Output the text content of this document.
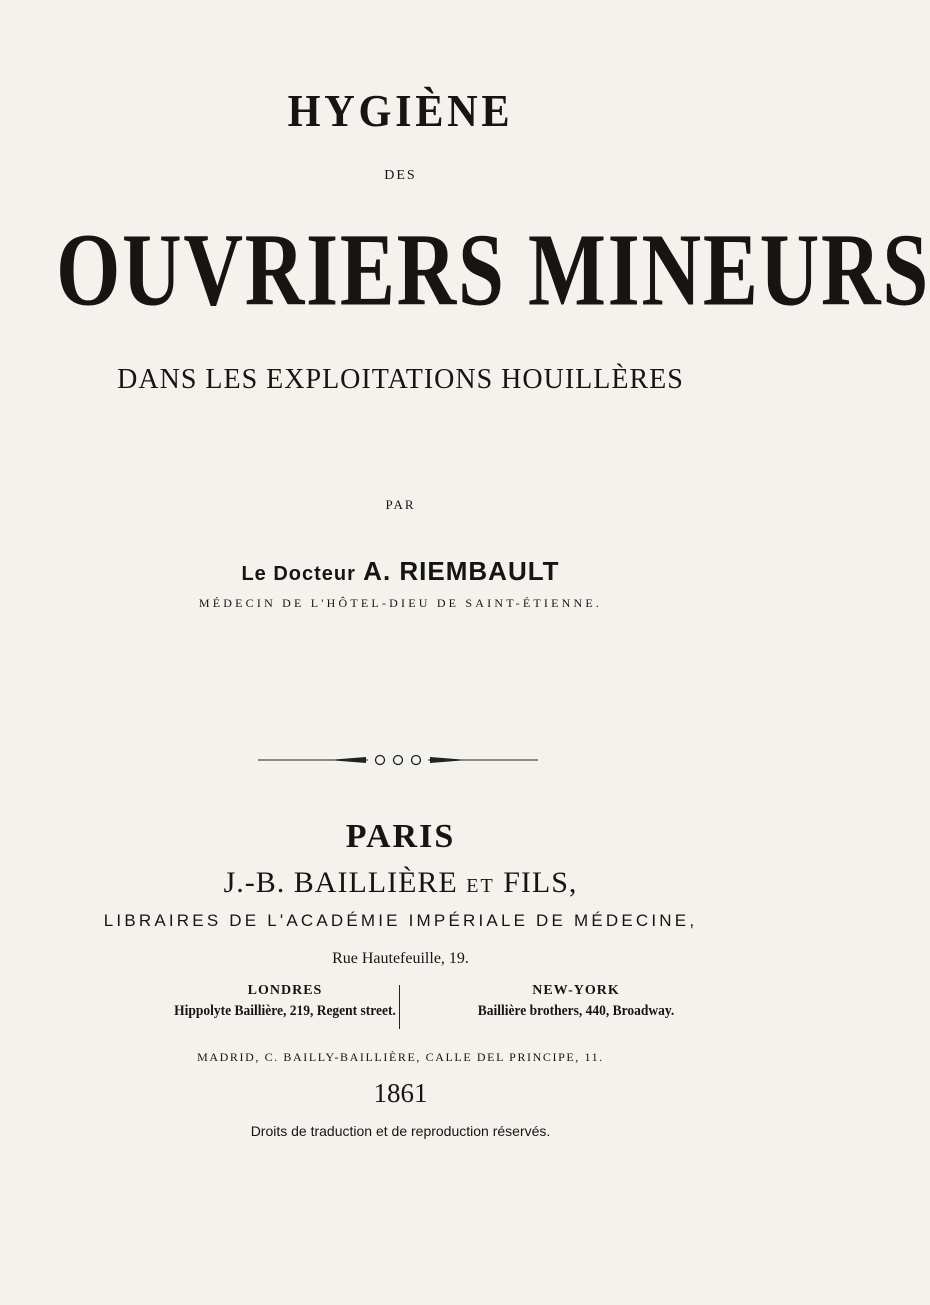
HYGIÈNE
DES
OUVRIERS MINEURS
DANS LES EXPLOITATIONS HOUILLÈRES
PAR
Le Docteur A. RIEMBAULT
MÉDECIN DE L'HÔTEL-DIEU DE SAINT-ÉTIENNE.
PARIS
J.-B. BAILLIÈRE ET FILS,
LIBRAIRES DE L'ACADÉMIE IMPÉRIALE DE MÉDECINE,
Rue Hautefeuille, 19.
LONDRES
Hippolyte Baillière, 219, Regent street.
NEW-YORK
Baillière brothers, 440, Broadway.
MADRID, C. BAILLY-BAILLIÈRE, CALLE DEL PRINCIPE, 11.
1861
Droits de traduction et de reproduction réservés.
